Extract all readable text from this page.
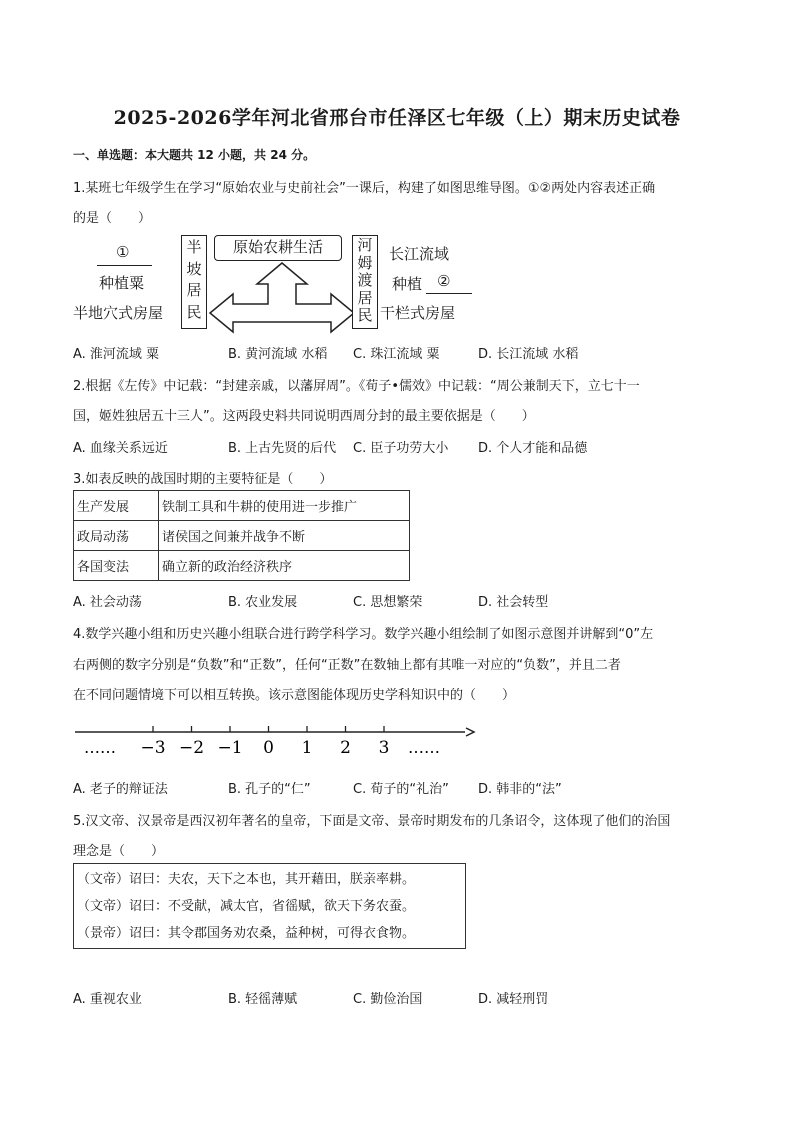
2025-2026学年河北省邢台市任泽区七年级（上）期末历史试卷
一、单选题：本大题共 12 小题，共 24 分。
1.某班七年级学生在学习“原始农业与史前社会”一课后，构建了如图思维导图。①②两处内容表述正确
的是（　　）
①
种植粟
半地穴式房屋
半
坡
居
民
原始农耕生活	河
姆
渡
居
民
长江流域
种植 ②
干栏式房屋
A. 淮河流域 粟	B. 黄河流域 水稻 C. 珠江流域 粟	D. 长江流域 水稻
2.根据《左传》中记载：“封建亲戚，以藩屏周”。《荀子•儒效》中记载：“周公兼制天下，立七十一
国，姬姓独居五十三人”。这两段史料共同说明西周分封的最主要依据是（　　）
A. 血缘关系远近	B. 上古先贤的后代 C. 臣子功劳大小 D. 个人才能和品德
3.如表反映的战国时期的主要特征是（　　）
生产发展	铁制工具和牛耕的使用进一步推广
政局动荡	诸侯国之间兼并战争不断
各国变法	确立新的政治经济秩序
A. 社会动荡	B. 农业发展	C. 思想繁荣	D. 社会转型
4.数学兴趣小组和历史兴趣小组联合进行跨学科学习。数学兴趣小组绘制了如图示意图并讲解到“0”左
右两侧的数字分别是“负数”和“正数”，任何“正数”在数轴上都有其唯一对应的“负数”，并且二者
在不同问题情境下可以相互转换。该示意图能体现历史学科知识中的（　　）
−3 −2 −1 0 1 2 3
……	……
A. 老子的辩证法	B. 孔子的“仁”	C. 荀子的“礼治” D. 韩非的“法”
5.汉文帝、汉景帝是西汉初年著名的皇帝，下面是文帝、景帝时期发布的几条诏令，这体现了他们的治国
理念是（　　）
（文帝）诏曰：夫农，天下之本也，其开藉田，朕亲率耕。
（文帝）诏曰：不受献，减太官，省徭赋，欲天下务农蚕。
（景帝）诏曰：其令郡国务劝农桑，益种树，可得衣食物。
A. 重视农业	B. 轻徭薄赋	C. 勤俭治国	D. 减轻刑罚
